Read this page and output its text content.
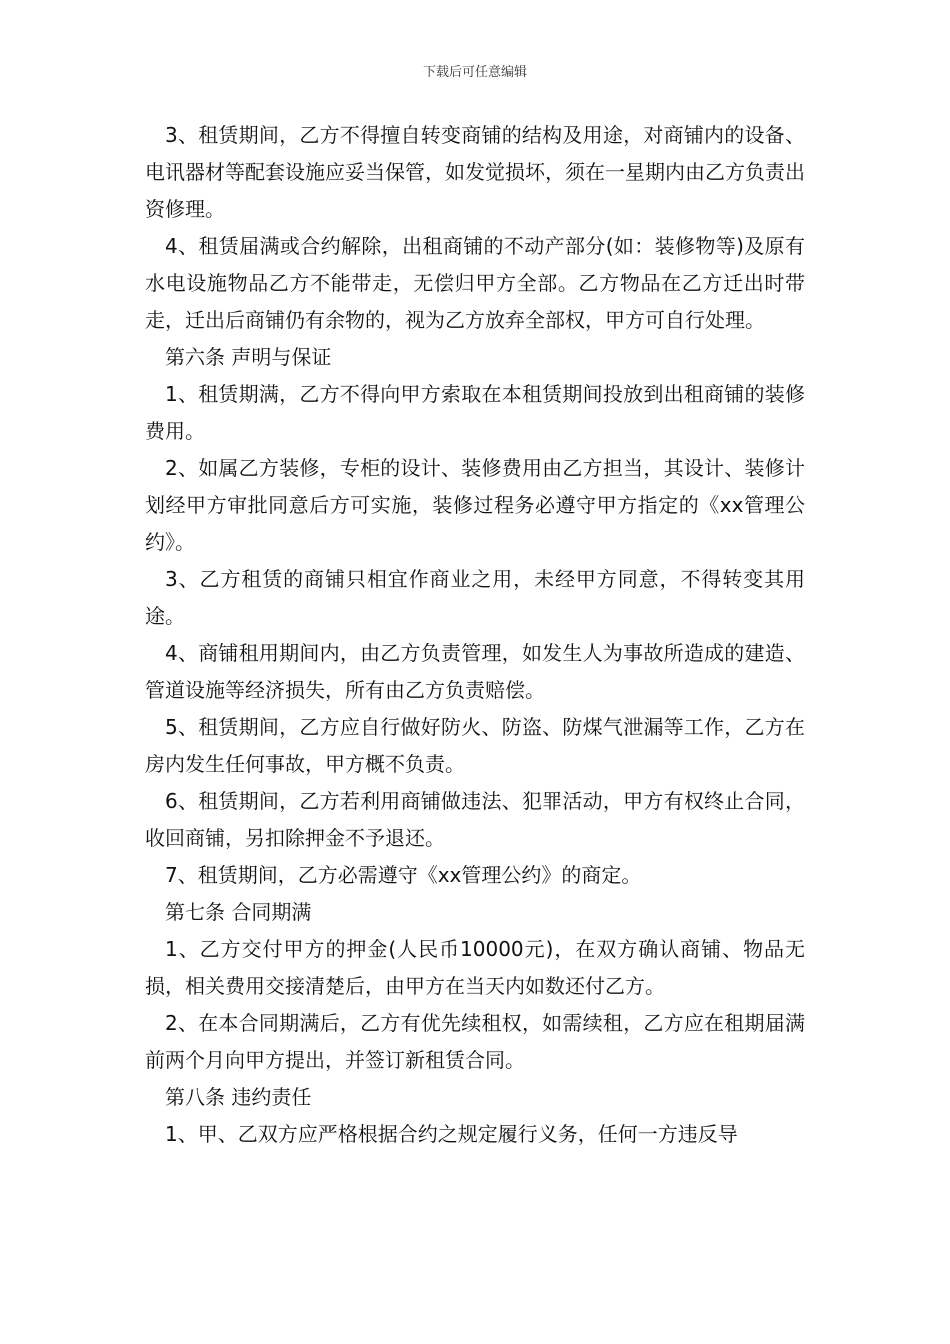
下载后可任意编辑

3、租赁期间，乙方不得擅自转变商铺的结构及用途，对商铺内的设备、电讯器材等配套设施应妥当保管，如发觉损坏，须在一星期内由乙方负责出资修理。

4、租赁届满或合约解除，出租商铺的不动产部分(如：装修物等)及原有水电设施物品乙方不能带走，无偿归甲方全部。乙方物品在乙方迁出时带走，迁出后商铺仍有余物的，视为乙方放弃全部权，甲方可自行处理。

第六条 声明与保证

1、租赁期满，乙方不得向甲方索取在本租赁期间投放到出租商铺的装修费用。

2、如属乙方装修，专柜的设计、装修费用由乙方担当，其设计、装修计划经甲方审批同意后方可实施，装修过程务必遵守甲方指定的《xx管理公约》。

3、乙方租赁的商铺只相宜作商业之用，未经甲方同意，不得转变其用途。

4、商铺租用期间内，由乙方负责管理，如发生人为事故所造成的建造、管道设施等经济损失，所有由乙方负责赔偿。

5、租赁期间，乙方应自行做好防火、防盗、防煤气泄漏等工作，乙方在房内发生任何事故，甲方概不负责。

6、租赁期间，乙方若利用商铺做违法、犯罪活动，甲方有权终止合同，收回商铺，另扣除押金不予退还。

7、租赁期间，乙方必需遵守《xx管理公约》的商定。

第七条 合同期满

1、乙方交付甲方的押金(人民币10000元)，在双方确认商铺、物品无损，相关费用交接清楚后，由甲方在当天内如数还付乙方。

2、在本合同期满后，乙方有优先续租权，如需续租，乙方应在租期届满前两个月向甲方提出，并签订新租赁合同。

第八条 违约责任

1、甲、乙双方应严格根据合约之规定履行义务，任何一方违反导
